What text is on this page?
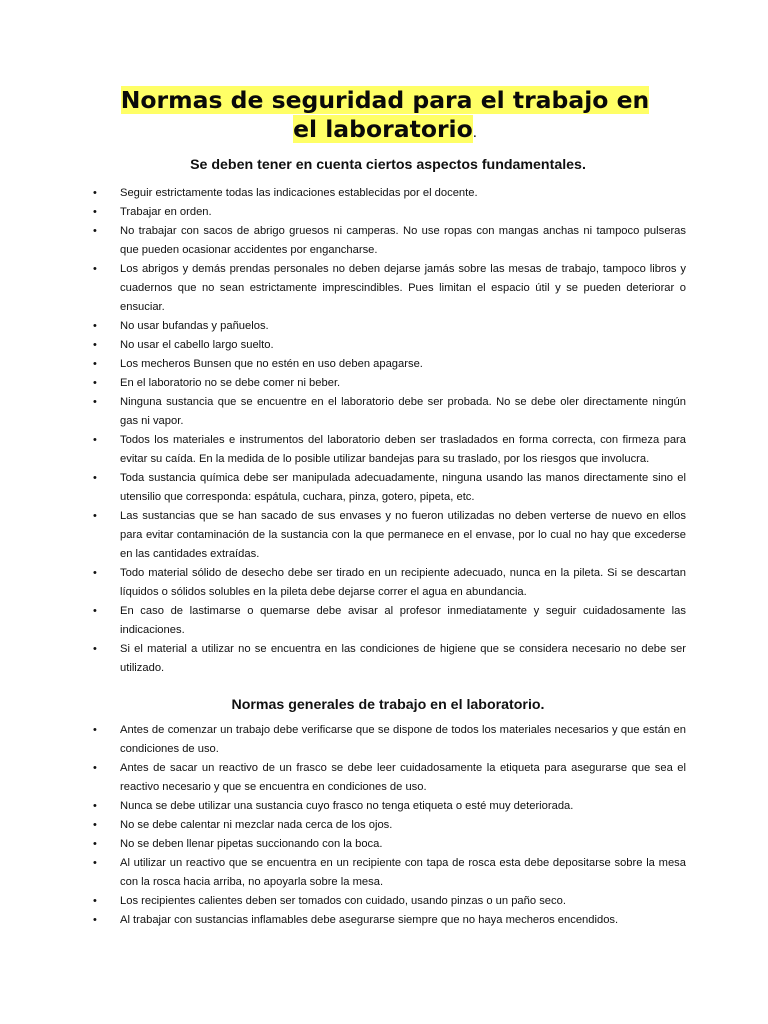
Normas de seguridad para el trabajo en
el laboratorio.
Se deben tener en cuenta ciertos aspectos fundamentales.
• Seguir estrictamente todas las indicaciones establecidas por el docente.
• Trabajar en orden.
• No trabajar con sacos de abrigo gruesos ni camperas. No use ropas con mangas anchas ni tampoco pulseras que pueden ocasionar accidentes por engancharse.
• Los abrigos y demás prendas personales no deben dejarse jamás sobre las mesas de trabajo, tampoco libros y cuadernos que no sean estrictamente imprescindibles. Pues limitan el espacio útil y se pueden deteriorar o ensuciar.
• No usar bufandas y pañuelos.
• No usar el cabello largo suelto.
• Los mecheros Bunsen que no estén en uso deben apagarse.
• En el laboratorio no se debe comer ni beber.
• Ninguna sustancia que se encuentre en el laboratorio debe ser probada. No se debe oler directamente ningún gas ni vapor.
• Todos los materiales e instrumentos del laboratorio deben ser trasladados en forma correcta, con firmeza para evitar su caída. En la medida de lo posible utilizar bandejas para su traslado, por los riesgos que involucra.
• Toda sustancia química debe ser manipulada adecuadamente, ninguna usando las manos directamente sino el utensilio que corresponda: espátula, cuchara, pinza, gotero, pipeta, etc.
• Las sustancias que se han sacado de sus envases y no fueron utilizadas no deben verterse de nuevo en ellos para evitar contaminación de la sustancia con la que permanece en el envase, por lo cual no hay que excederse en las cantidades extraídas.
• Todo material sólido de desecho debe ser tirado en un recipiente adecuado, nunca en la pileta. Si se descartan líquidos o sólidos solubles en la pileta debe dejarse correr el agua en abundancia.
• En caso de lastimarse o quemarse debe avisar al profesor inmediatamente y seguir cuidadosamente las indicaciones.
• Si el material a utilizar no se encuentra en las condiciones de higiene que se considera necesario no debe ser utilizado.
Normas generales de trabajo en el laboratorio.
• Antes de comenzar un trabajo debe verificarse que se dispone de todos los materiales necesarios y que están en condiciones de uso.
• Antes de sacar un reactivo de un frasco se debe leer cuidadosamente la etiqueta para asegurarse que sea el reactivo necesario y que se encuentra en condiciones de uso.
• Nunca se debe utilizar una sustancia cuyo frasco no tenga etiqueta o esté muy deteriorada.
• No se debe calentar ni mezclar nada cerca de los ojos.
• No se deben llenar pipetas succionando con la boca.
• Al utilizar un reactivo que se encuentra en un recipiente con tapa de rosca esta debe depositarse sobre la mesa con la rosca hacia arriba, no apoyarla sobre la mesa.
• Los recipientes calientes deben ser tomados con cuidado, usando pinzas o un paño seco.
• Al trabajar con sustancias inflamables debe asegurarse siempre que no haya mecheros encendidos.
